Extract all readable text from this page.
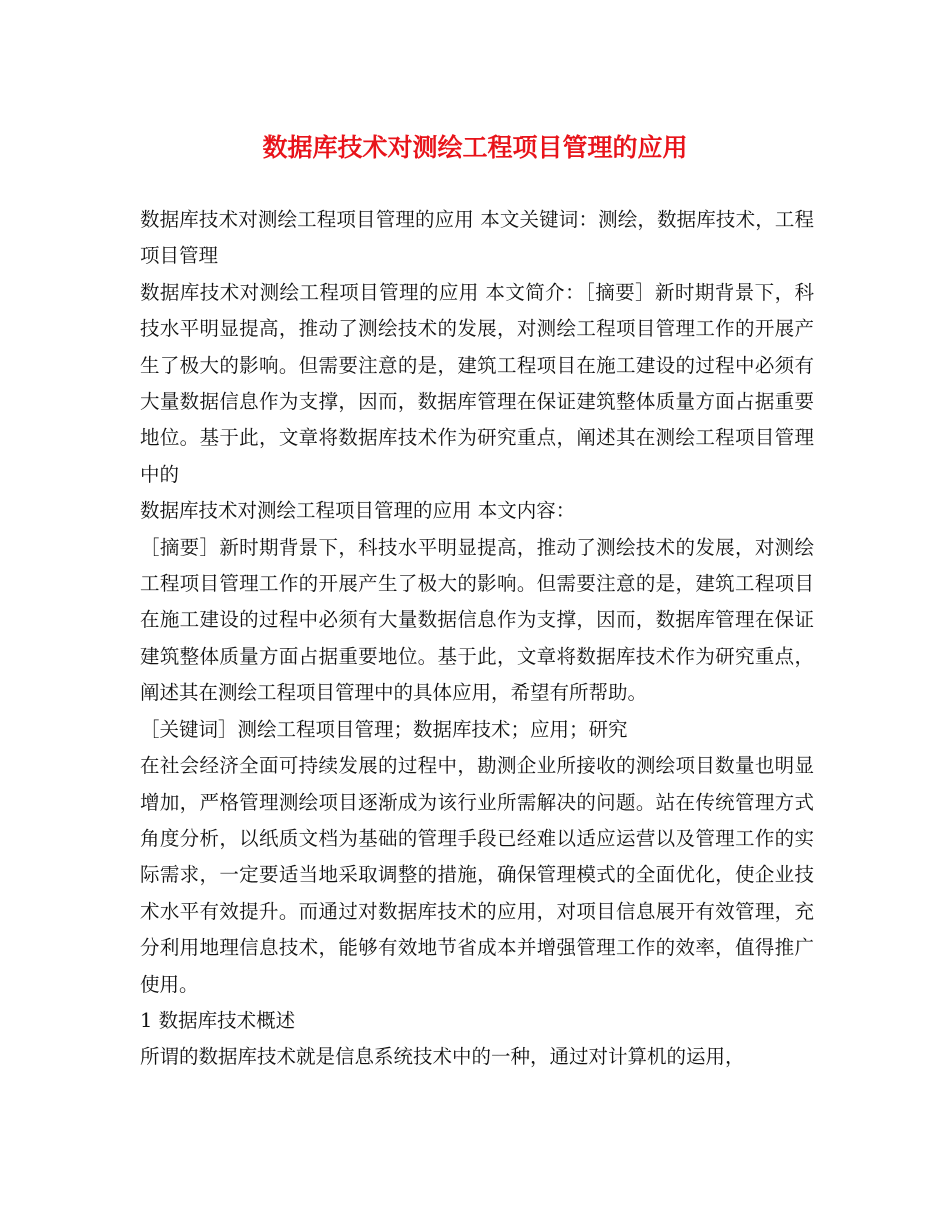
数据库技术对测绘工程项目管理的应用

数据库技术对测绘工程项目管理的应用 本文关键词：测绘，数据库技术，工程项目管理

数据库技术对测绘工程项目管理的应用 本文简介：［摘要］新时期背景下，科技水平明显提高，推动了测绘技术的发展，对测绘工程项目管理工作的开展产生了极大的影响。但需要注意的是，建筑工程项目在施工建设的过程中必须有大量数据信息作为支撑，因而，数据库管理在保证建筑整体质量方面占据重要地位。基于此，文章将数据库技术作为研究重点，阐述其在测绘工程项目管理中的

数据库技术对测绘工程项目管理的应用 本文内容：

［摘要］新时期背景下，科技水平明显提高，推动了测绘技术的发展，对测绘工程项目管理工作的开展产生了极大的影响。但需要注意的是，建筑工程项目在施工建设的过程中必须有大量数据信息作为支撑，因而，数据库管理在保证建筑整体质量方面占据重要地位。基于此，文章将数据库技术作为研究重点，阐述其在测绘工程项目管理中的具体应用，希望有所帮助。

［关键词］测绘工程项目管理；数据库技术；应用；研究

在社会经济全面可持续发展的过程中，勘测企业所接收的测绘项目数量也明显增加，严格管理测绘项目逐渐成为该行业所需解决的问题。站在传统管理方式角度分析，以纸质文档为基础的管理手段已经难以适应运营以及管理工作的实际需求，一定要适当地采取调整的措施，确保管理模式的全面优化，使企业技术水平有效提升。而通过对数据库技术的应用，对项目信息展开有效管理，充分利用地理信息技术，能够有效地节省成本并增强管理工作的效率，值得推广使用。

1 数据库技术概述

所谓的数据库技术就是信息系统技术中的一种，通过对计算机的运用，
